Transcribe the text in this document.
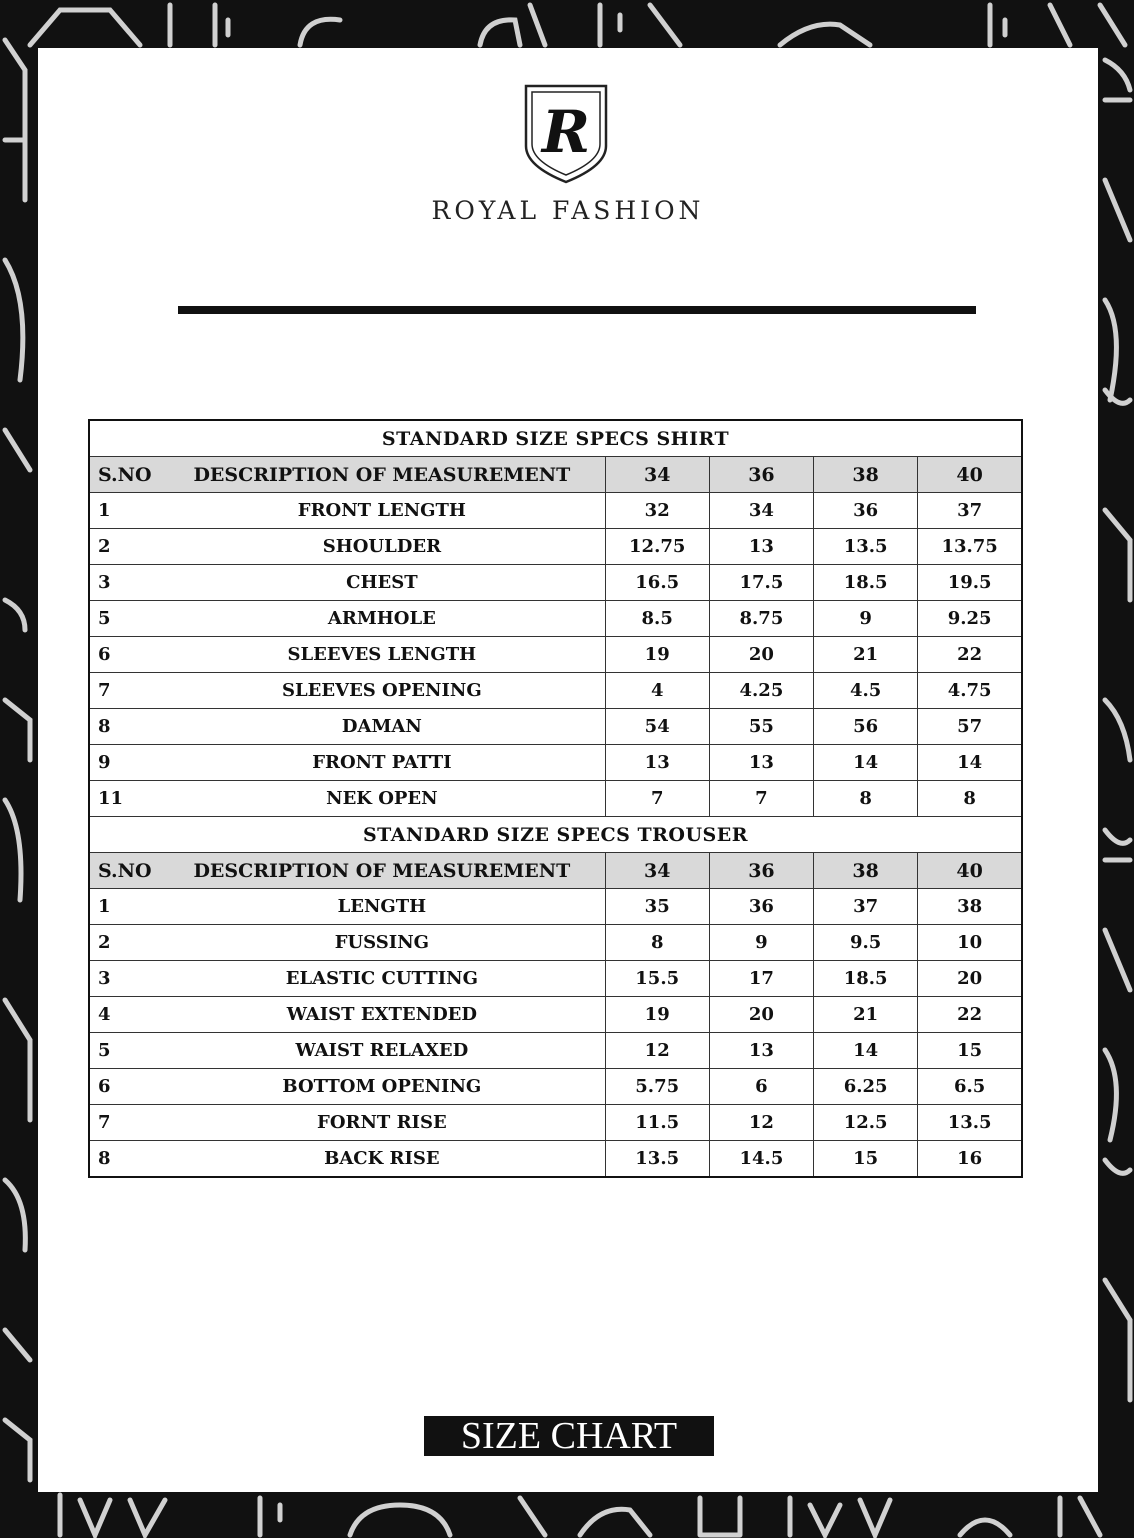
R
ROYAL FASHION
STANDARD SIZE SPECS SHIRT					
S.NO	DESCRIPTION OF MEASUREMENT	34	36	38	40
1	FRONT LENGTH	32	34	36	37
2	SHOULDER	12.75	13	13.5	13.75
3	CHEST	16.5	17.5	18.5	19.5
5	ARMHOLE	8.5	8.75	9	9.25
6	SLEEVES LENGTH	19	20	21	22
7	SLEEVES OPENING	4	4.25	4.5	4.75
8	DAMAN	54	55	56	57
9	FRONT PATTI	13	13	14	14
11	NEK OPEN	7	7	8	8
STANDARD SIZE SPECS TROUSER					
S.NO	DESCRIPTION OF MEASUREMENT	34	36	38	40
1	LENGTH	35	36	37	38
2	FUSSING	8	9	9.5	10
3	ELASTIC CUTTING	15.5	17	18.5	20
4	WAIST EXTENDED	19	20	21	22
5	WAIST RELAXED	12	13	14	15
6	BOTTOM OPENING	5.75	6	6.25	6.5
7	FORNT RISE	11.5	12	12.5	13.5
8	BACK RISE	13.5	14.5	15	16
SIZE CHART
